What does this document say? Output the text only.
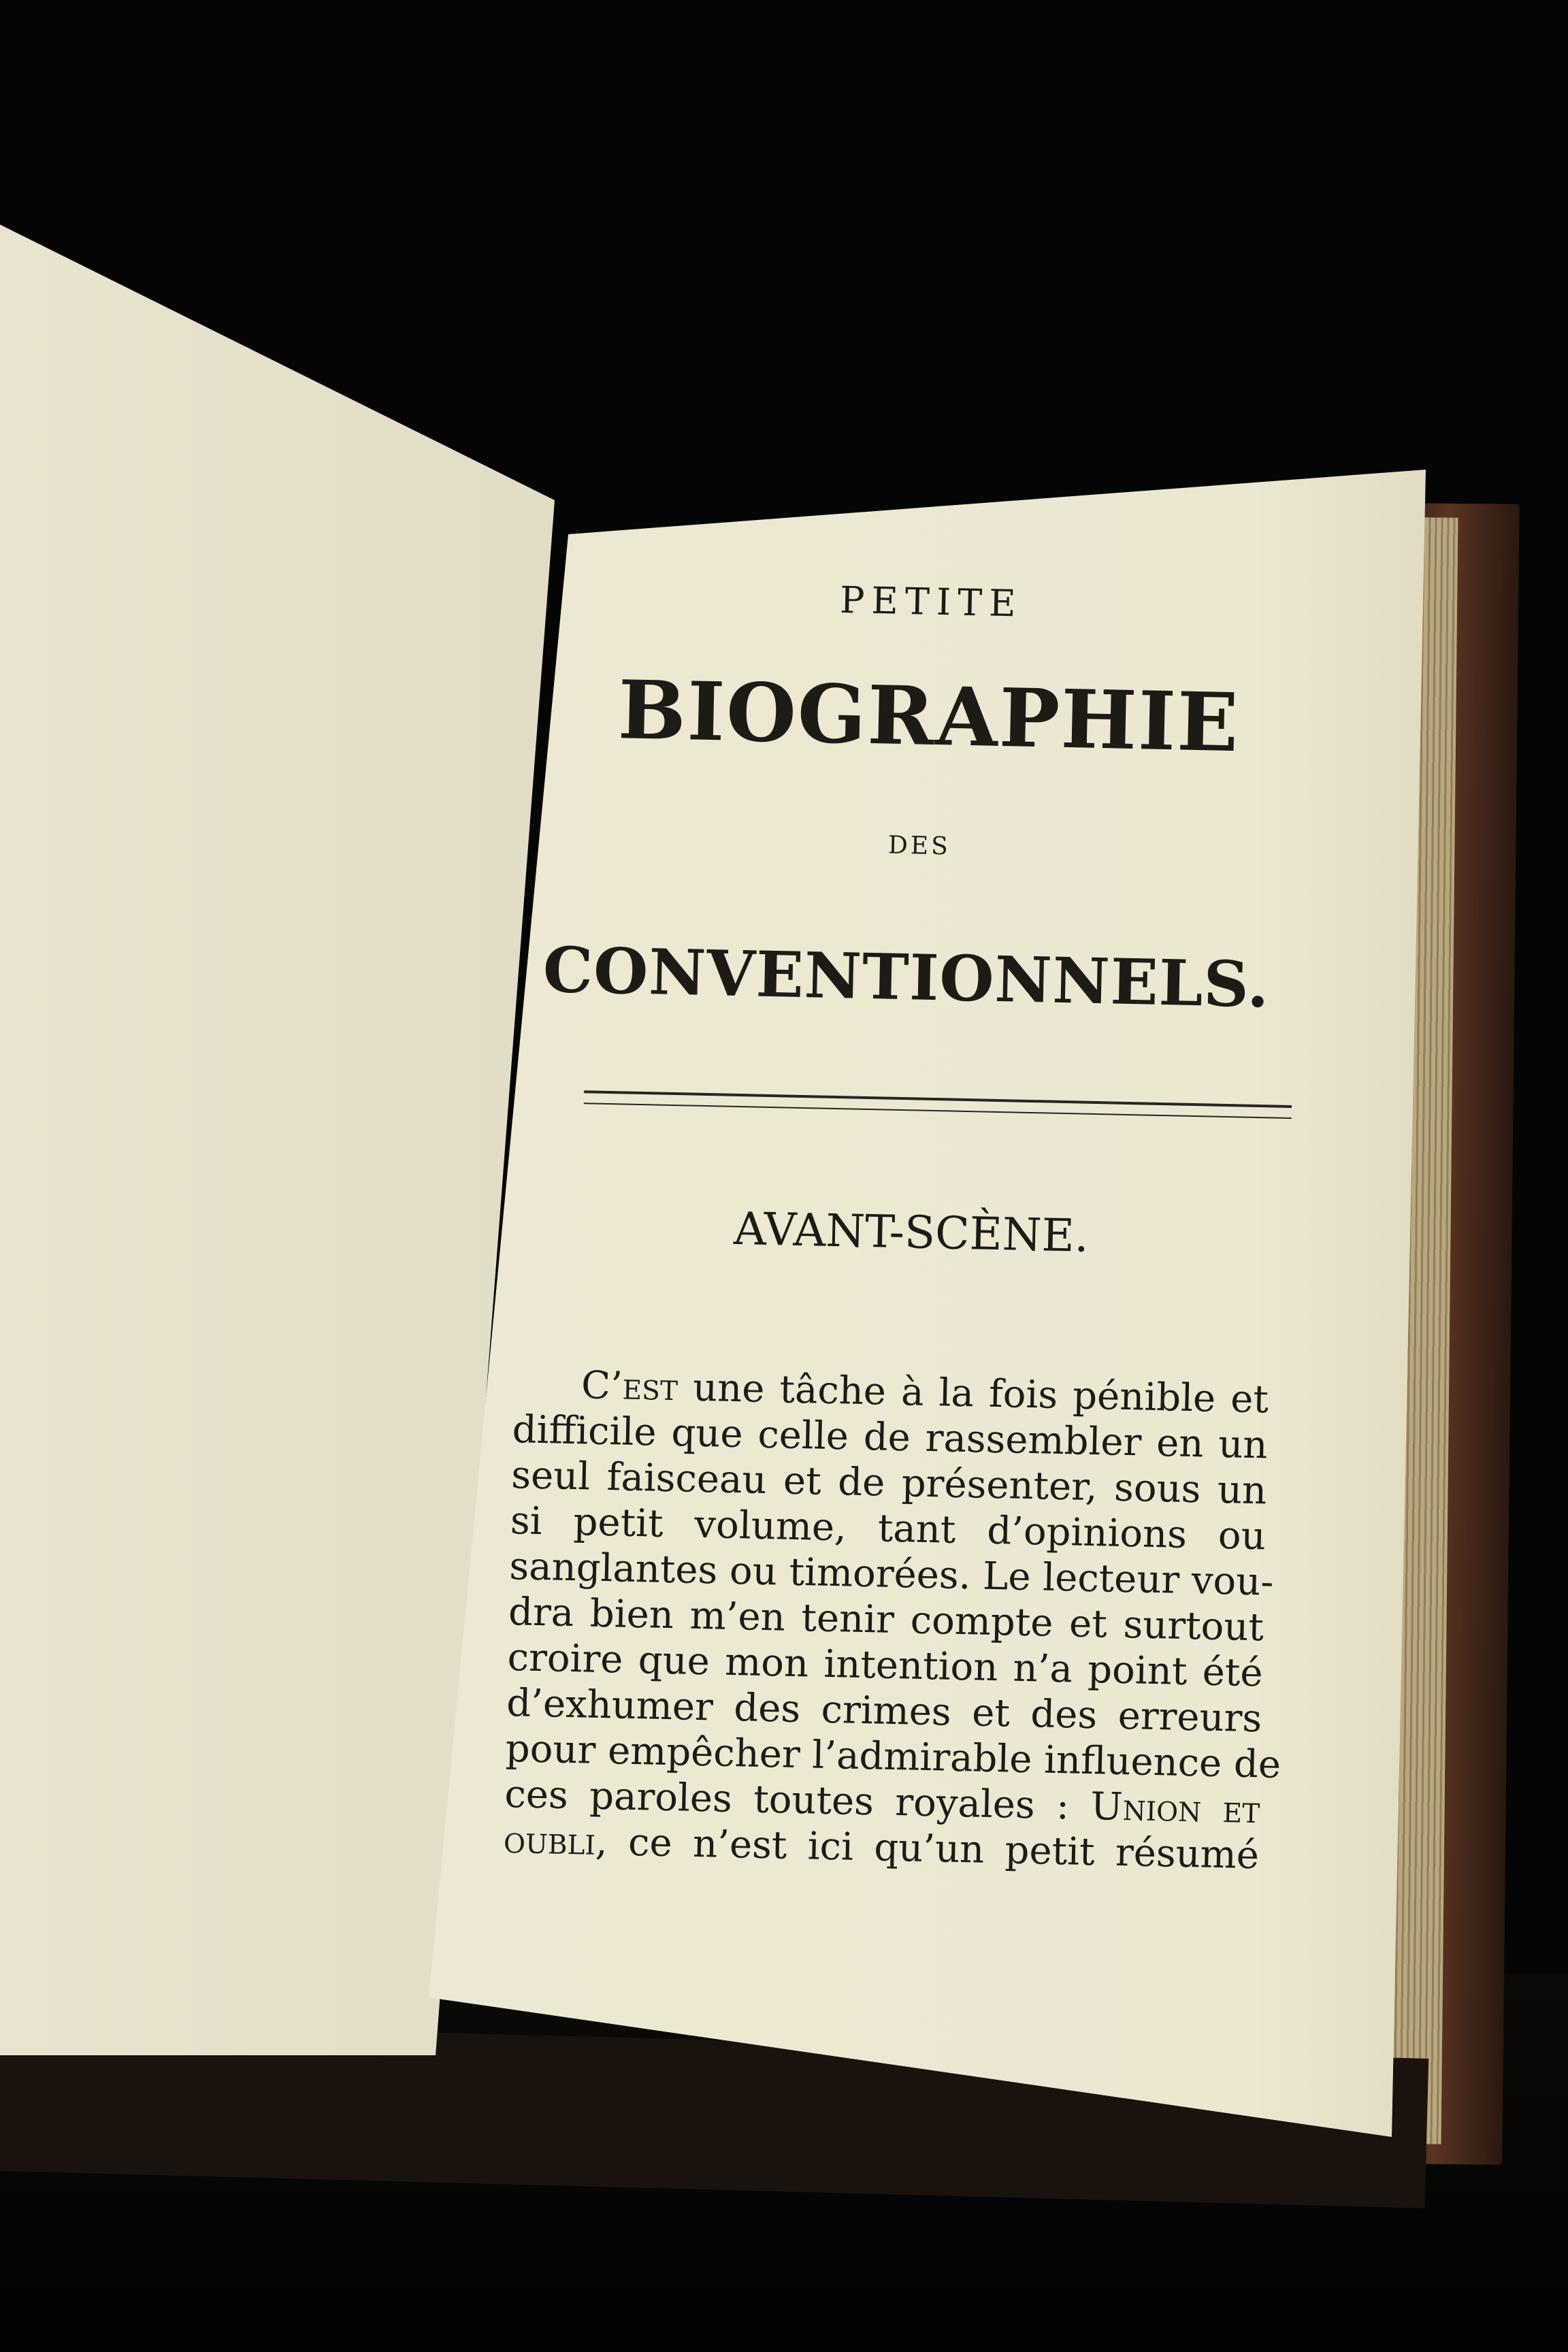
PETITE

BIOGRAPHIE

DES

CONVENTIONNELS.

AVANT-SCÈNE.

C’est une tâche à la fois pénible et
difficile que celle de rassembler en un
seul faisceau et de présenter, sous un
si petit volume, tant d’opinions ou
sanglantes ou timorées. Le lecteur vou-
dra bien m’en tenir compte et surtout
croire que mon intention n’a point été
d’exhumer des crimes et des erreurs
pour empêcher l’admirable influence de
ces paroles toutes royales : Union et
oubli, ce n’est ici qu’un petit résumé
